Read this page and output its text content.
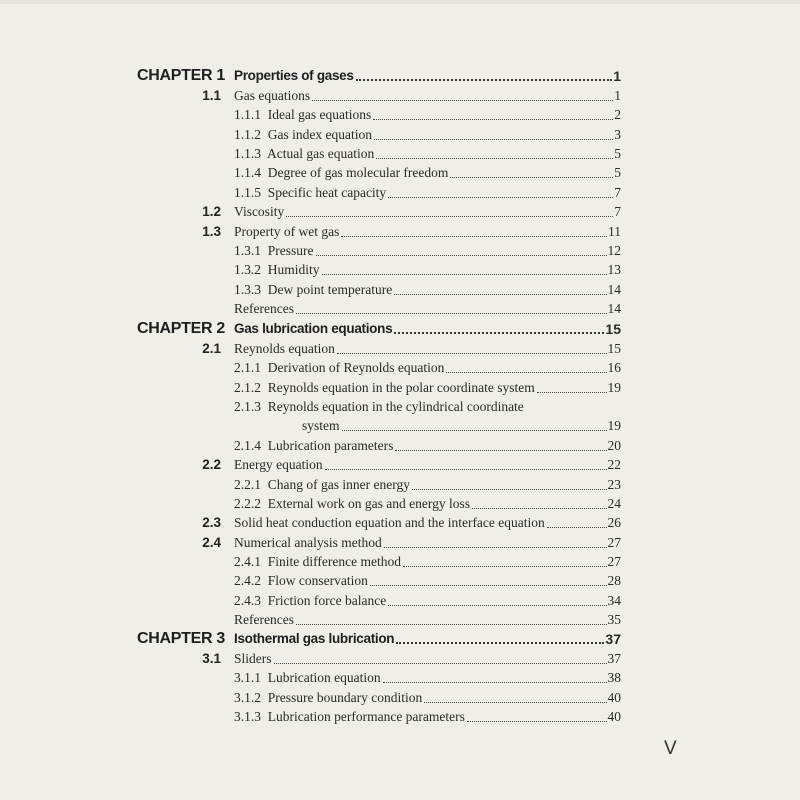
CHAPTER 1 Properties of gases	1
1.1 Gas equations	1
1.1.1  Ideal gas equations	2
1.1.2  Gas index equation	3
1.1.3  Actual gas equation	5
1.1.4  Degree of gas molecular freedom	5
1.1.5  Specific heat capacity	7
1.2 Viscosity	7
1.3 Property of wet gas	11
1.3.1  Pressure	12
1.3.2  Humidity	13
1.3.3  Dew point temperature	14
References	14
CHAPTER 2 Gas lubrication equations	15
2.1 Reynolds equation	15
2.1.1  Derivation of Reynolds equation	16
2.1.2  Reynolds equation in the polar coordinate system	19
2.1.3  Reynolds equation in the cylindrical coordinate
system	19
2.1.4  Lubrication parameters	20
2.2 Energy equation	22
2.2.1  Chang of gas inner energy	23
2.2.2  External work on gas and energy loss	24
2.3 Solid heat conduction equation and the interface equation	26
2.4 Numerical analysis method	27
2.4.1  Finite difference method	27
2.4.2  Flow conservation	28
2.4.3  Friction force balance	34
References	35
CHAPTER 3 Isothermal gas lubrication	37
3.1 Sliders	37
3.1.1  Lubrication equation	38
3.1.2  Pressure boundary condition	40
3.1.3  Lubrication performance parameters	40
V
